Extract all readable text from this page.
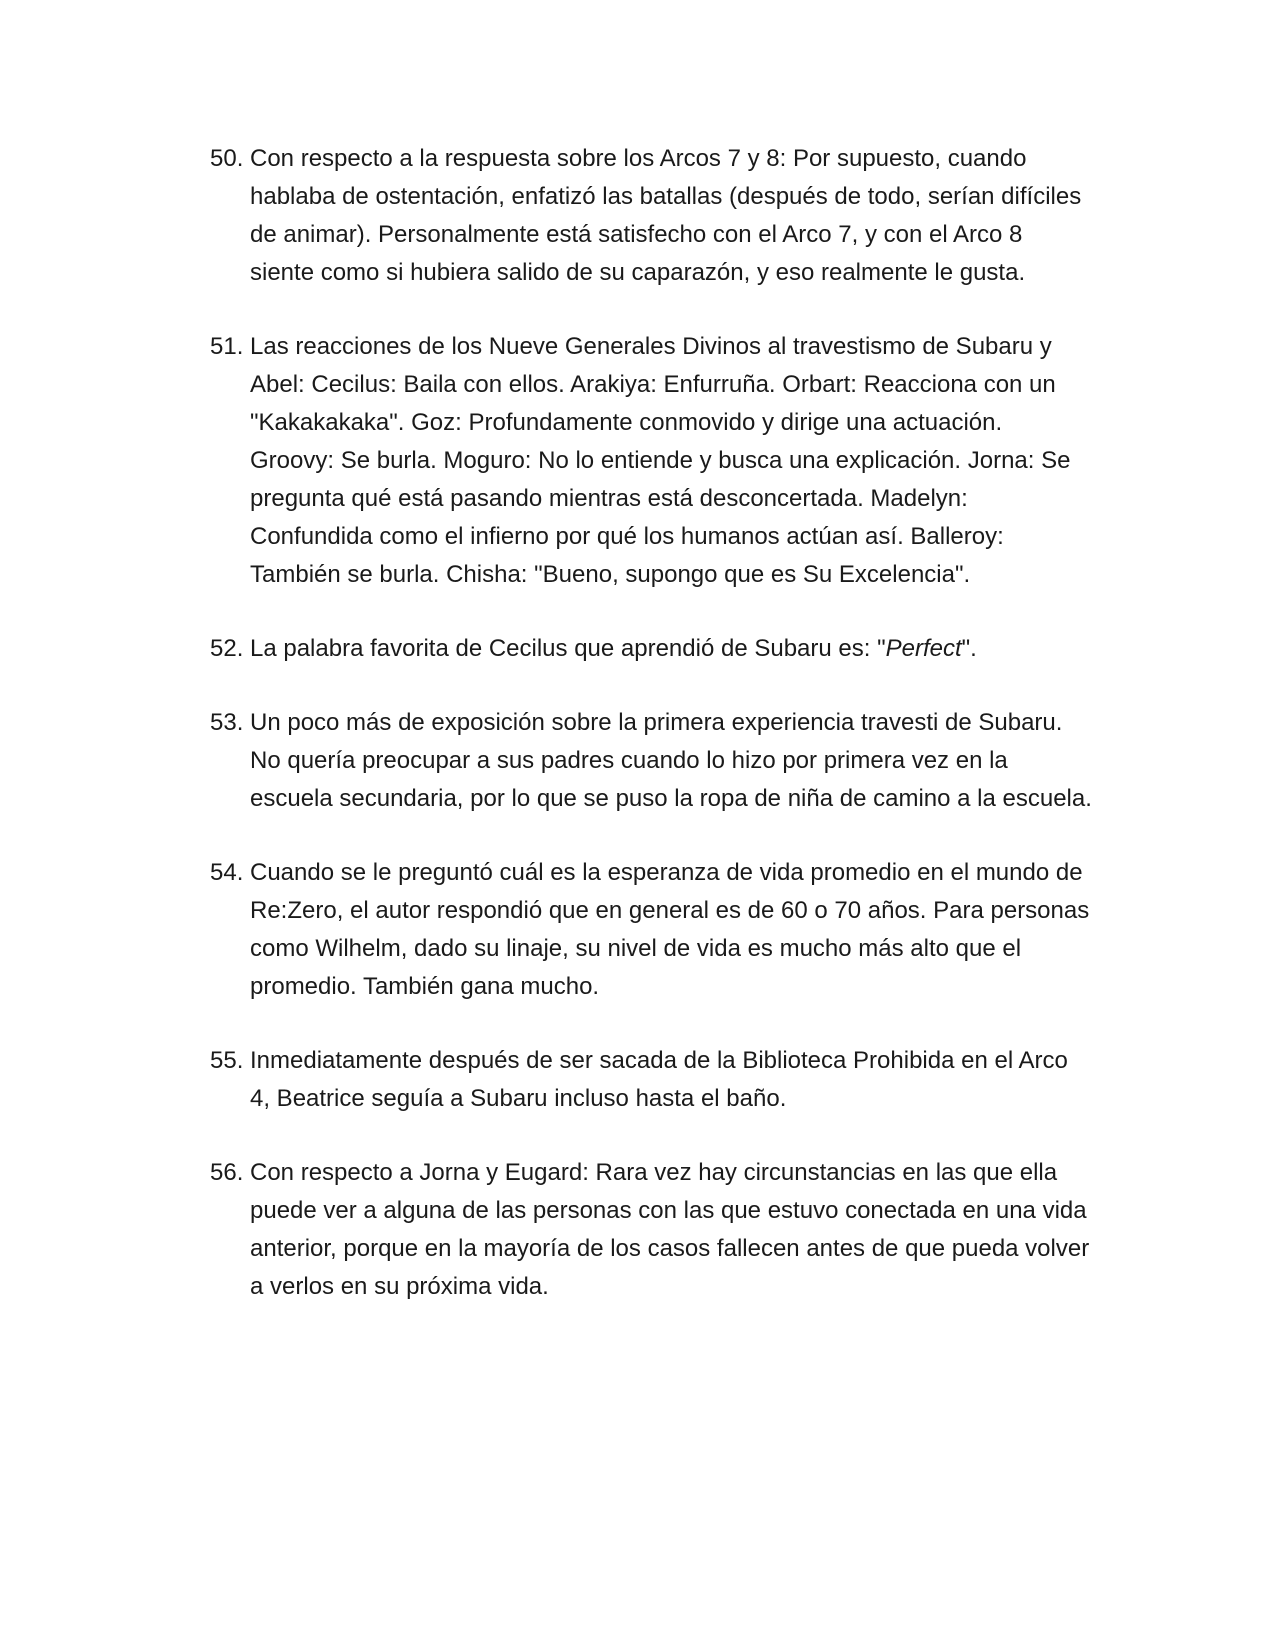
50. Con respecto a la respuesta sobre los Arcos 7 y 8: Por supuesto, cuando hablaba de ostentación, enfatizó las batallas (después de todo, serían difíciles de animar). Personalmente está satisfecho con el Arco 7, y con el Arco 8 siente como si hubiera salido de su caparazón, y eso realmente le gusta.
51. Las reacciones de los Nueve Generales Divinos al travestismo de Subaru y Abel: Cecilus: Baila con ellos. Arakiya: Enfurruña. Orbart: Reacciona con un "Kakakakaka". Goz: Profundamente conmovido y dirige una actuación. Groovy: Se burla. Moguro: No lo entiende y busca una explicación. Jorna: Se pregunta qué está pasando mientras está desconcertada. Madelyn: Confundida como el infierno por qué los humanos actúan así. Balleroy: También se burla. Chisha: "Bueno, supongo que es Su Excelencia".
52. La palabra favorita de Cecilus que aprendió de Subaru es: "Perfect".
53. Un poco más de exposición sobre la primera experiencia travesti de Subaru. No quería preocupar a sus padres cuando lo hizo por primera vez en la escuela secundaria, por lo que se puso la ropa de niña de camino a la escuela.
54. Cuando se le preguntó cuál es la esperanza de vida promedio en el mundo de Re:Zero, el autor respondió que en general es de 60 o 70 años. Para personas como Wilhelm, dado su linaje, su nivel de vida es mucho más alto que el promedio. También gana mucho.
55. Inmediatamente después de ser sacada de la Biblioteca Prohibida en el Arco 4, Beatrice seguía a Subaru incluso hasta el baño.
56. Con respecto a Jorna y Eugard: Rara vez hay circunstancias en las que ella puede ver a alguna de las personas con las que estuvo conectada en una vida anterior, porque en la mayoría de los casos fallecen antes de que pueda volver a verlos en su próxima vida.
